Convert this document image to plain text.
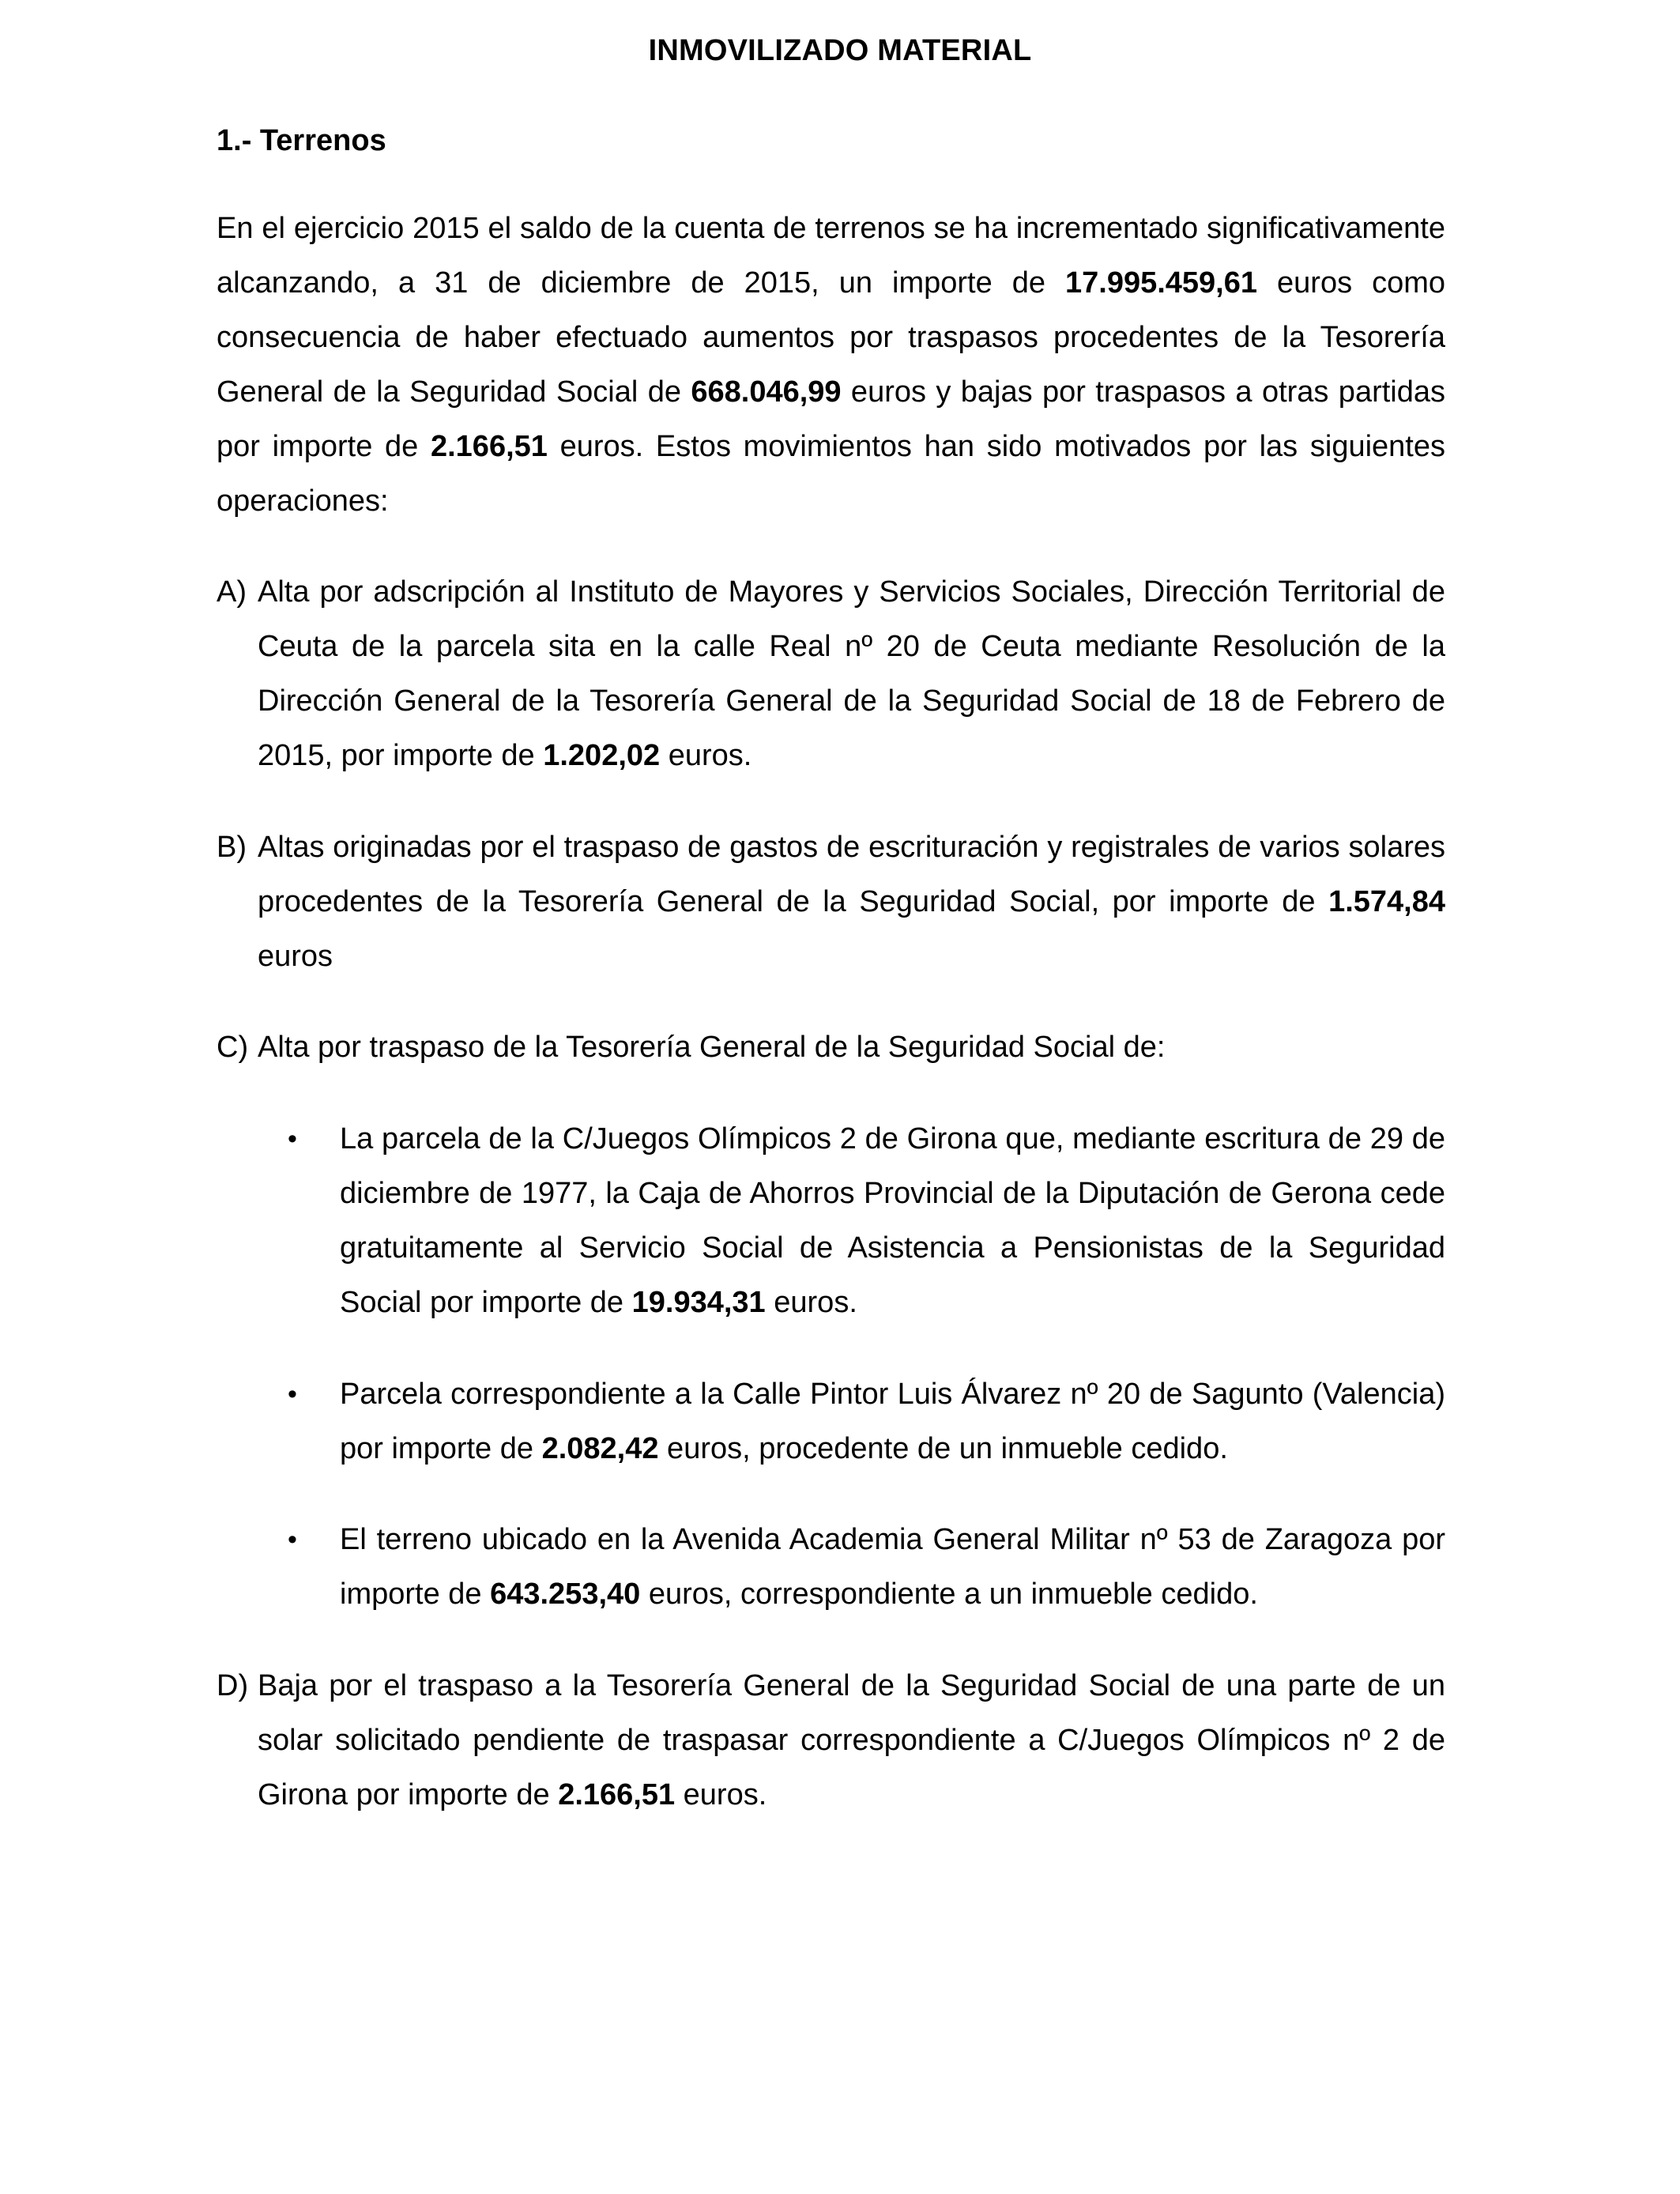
INMOVILIZADO MATERIAL
1.- Terrenos

En el ejercicio 2015 el saldo de la cuenta de terrenos se ha incrementado significativamente alcanzando, a 31 de diciembre de 2015, un importe de 17.995.459,61 euros como consecuencia de haber efectuado aumentos por traspasos procedentes de la Tesorería General de la Seguridad Social de 668.046,99 euros y bajas por traspasos a otras partidas por importe de 2.166,51 euros. Estos movimientos han sido motivados por las siguientes operaciones:

A) Alta por adscripción al Instituto de Mayores y Servicios Sociales, Dirección Territorial de Ceuta de la parcela sita en la calle Real nº 20 de Ceuta mediante Resolución de la Dirección General de la Tesorería General de la Seguridad Social de 18 de Febrero de 2015, por importe de 1.202,02 euros.

B) Altas originadas por el traspaso de gastos de escrituración y registrales de varios solares procedentes de la Tesorería General de la Seguridad Social, por importe de 1.574,84 euros

C) Alta por traspaso de la Tesorería General de la Seguridad Social de:

• La parcela de la C/Juegos Olímpicos 2 de Girona que, mediante escritura de 29 de diciembre de 1977, la Caja de Ahorros Provincial de la Diputación de Gerona cede gratuitamente al Servicio Social de Asistencia a Pensionistas de la Seguridad Social por importe de 19.934,31 euros.

• Parcela correspondiente a la Calle Pintor Luis Álvarez nº 20 de Sagunto (Valencia) por importe de 2.082,42 euros, procedente de un inmueble cedido.

• El terreno ubicado en la Avenida Academia General Militar nº 53 de Zaragoza por importe de 643.253,40 euros, correspondiente a un inmueble cedido.

D) Baja por el traspaso a la Tesorería General de la Seguridad Social de una parte de un solar solicitado pendiente de traspasar correspondiente a C/Juegos Olímpicos nº 2 de Girona por importe de 2.166,51 euros.
